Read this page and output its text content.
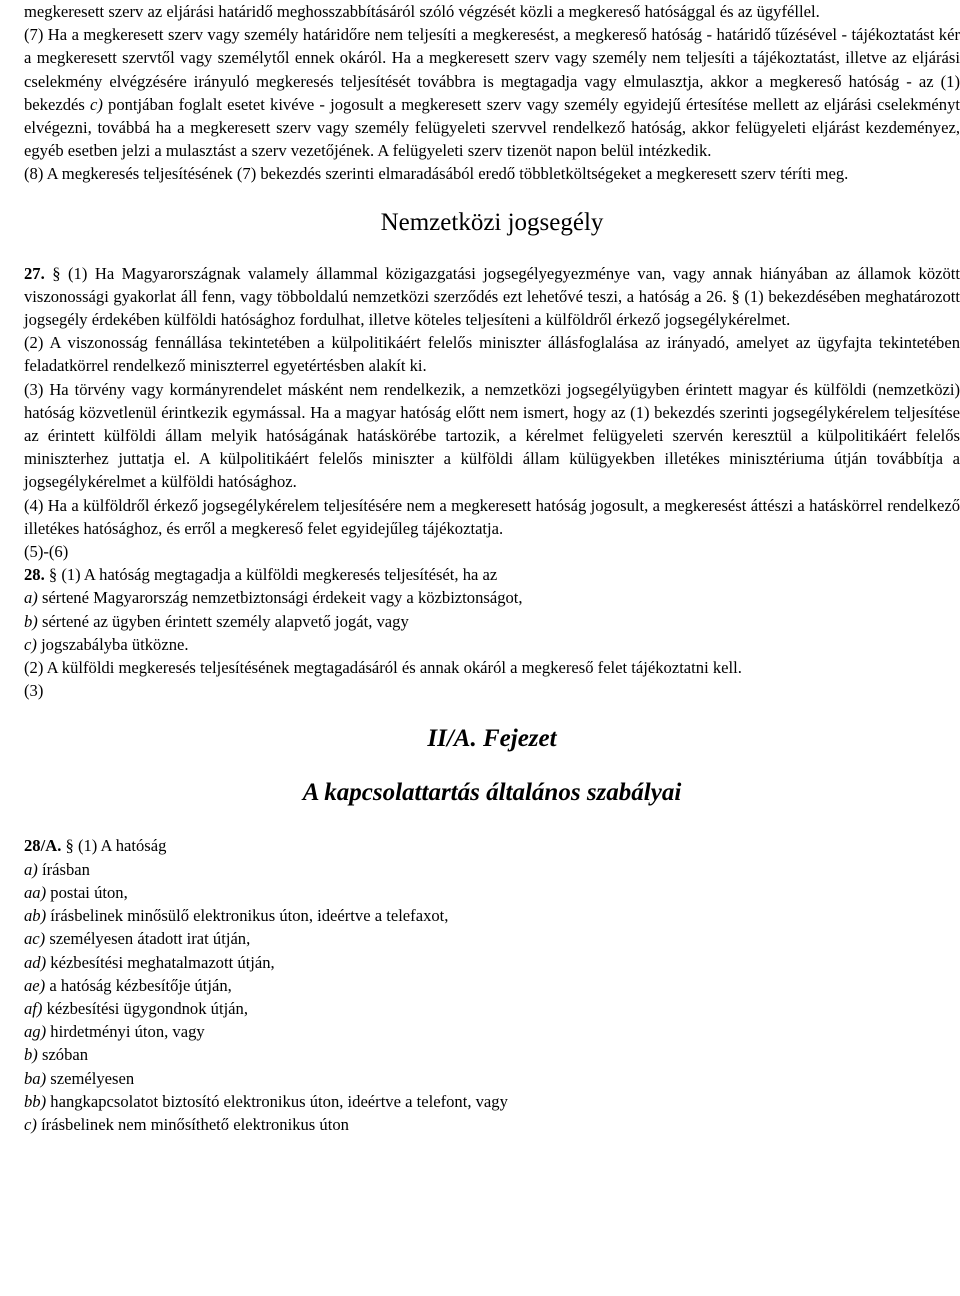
megkeresett szerv az eljárási határidő meghosszabbításáról szóló végzését közli a megkereső hatósággal és az ügyféllel.

(7) Ha a megkeresett szerv vagy személy határidőre nem teljesíti a megkeresést, a megkereső hatóság - határidő tűzésével - tájékoztatást kér a megkeresett szervtől vagy személytől ennek okáról. Ha a megkeresett szerv vagy személy nem teljesíti a tájékoztatást, illetve az eljárási cselekmény elvégzésére irányuló megkeresés teljesítését továbbra is megtagadja vagy elmulasztja, akkor a megkereső hatóság - az (1) bekezdés c) pontjában foglalt esetet kivéve - jogosult a megkeresett szerv vagy személy egyidejű értesítése mellett az eljárási cselekményt elvégezni, továbbá ha a megkeresett szerv vagy személy felügyeleti szervvel rendelkező hatóság, akkor felügyeleti eljárást kezdeményez, egyéb esetben jelzi a mulasztást a szerv vezetőjének. A felügyeleti szerv tizenöt napon belül intézkedik.

(8) A megkeresés teljesítésének (7) bekezdés szerinti elmaradásából eredő többletköltségeket a megkeresett szerv téríti meg.

Nemzetközi jogsegély

27. § (1) Ha Magyarországnak valamely állammal közigazgatási jogsegélyegyezménye van, vagy annak hiányában az államok között viszonossági gyakorlat áll fenn, vagy többoldalú nemzetközi szerződés ezt lehetővé teszi, a hatóság a 26. § (1) bekezdésében meghatározott jogsegély érdekében külföldi hatósághoz fordulhat, illetve köteles teljesíteni a külföldről érkező jogsegélykérelmet.

(2) A viszonosság fennállása tekintetében a külpolitikáért felelős miniszter állásfoglalása az irányadó, amelyet az ügyfajta tekintetében feladatkörrel rendelkező miniszterrel egyetértésben alakít ki.

(3) Ha törvény vagy kormányrendelet másként nem rendelkezik, a nemzetközi jogsegélyügyben érintett magyar és külföldi (nemzetközi) hatóság közvetlenül érintkezik egymással. Ha a magyar hatóság előtt nem ismert, hogy az (1) bekezdés szerinti jogsegélykérelem teljesítése az érintett külföldi állam melyik hatóságának hatáskörébe tartozik, a kérelmet felügyeleti szervén keresztül a külpolitikáért felelős miniszterhez juttatja el. A külpolitikáért felelős miniszter a külföldi állam külügyekben illetékes minisztériuma útján továbbítja a jogsegélykérelmet a külföldi hatósághoz.

(4) Ha a külföldről érkező jogsegélykérelem teljesítésére nem a megkeresett hatóság jogosult, a megkeresést áttészi a hatáskörrel rendelkező illetékes hatósághoz, és erről a megkereső felet egyidejűleg tájékoztatja.

(5)-(6)

28. § (1) A hatóság megtagadja a külföldi megkeresés teljesítését, ha az

a) sértené Magyarország nemzetbiztonsági érdekeit vagy a közbiztonságot,

b) sértené az ügyben érintett személy alapvető jogát, vagy

c) jogszabályba ütközne.

(2) A külföldi megkeresés teljesítésének megtagadásáról és annak okáról a megkereső felet tájékoztatni kell.

(3)

II/A. Fejezet
A kapcsolattartás általános szabályai

28/A. § (1) A hatóság

a) írásban

aa) postai úton,

ab) írásbelinek minősülő elektronikus úton, ideértve a telefaxot,

ac) személyesen átadott irat útján,

ad) kézbesítési meghatalmazott útján,

ae) a hatóság kézbesítője útján,

af) kézbesítési ügygondnok útján,

ag) hirdetményi úton, vagy

b) szóban

ba) személyesen

bb) hangkapcsolatot biztosító elektronikus úton, ideértve a telefont, vagy

c) írásbelinek nem minősíthető elektronikus úton
